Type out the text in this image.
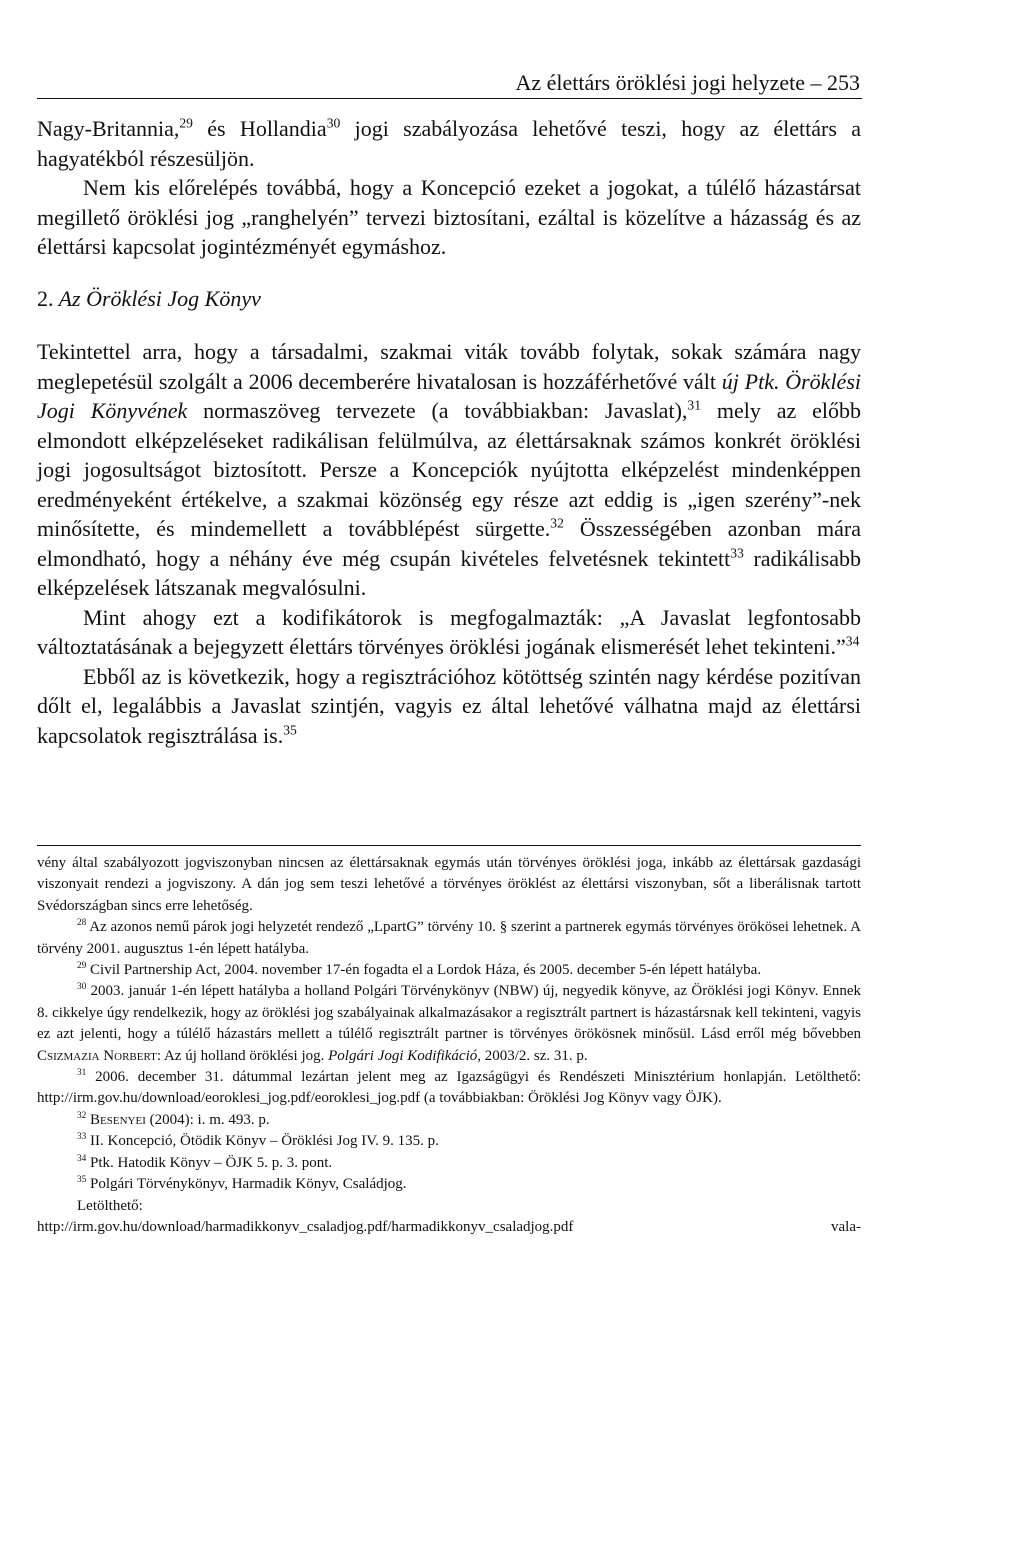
Az élettárs öröklési jogi helyzete – 253

Nagy-Britannia,$^{29}$ és Hollandia$^{30}$ jogi szabályozása lehetővé teszi, hogy az élettárs a hagyatékból részesüljön.

Nem kis előrelépés továbbá, hogy a Koncepció ezeket a jogokat, a túlélő házastársat megillető öröklési jog „ranghelyén” tervezi biztosítani, ezáltal is közelítve a házasság és az élettársi kapcsolat jogintézményét egymáshoz.

2. Az Öröklési Jog Könyv

Tekintettel arra, hogy a társadalmi, szakmai viták tovább folytak, sokak számára nagy meglepetésül szolgált a 2006 decemberére hivatalosan is hozzáférhetővé vált új Ptk. Öröklési Jogi Könyvének normaszöveg tervezete (a továbbiakban: Javaslat),$^{31}$ mely az előbb elmondott elképzeléseket radikálisan felülmúlva, az élettársaknak számos konkrét öröklési jogi jogosultságot biztosított. Persze a Koncepciók nyújtotta elképzelést mindenképpen eredményeként értékelve, a szakmai közönség egy része azt eddig is „igen szerény”-nek minősítette, és mindemellett a továbblépést sürgette.$^{32}$ Összességében azonban mára elmondható, hogy a néhány éve még csupán kivételes felvetésnek tekintett$^{33}$ radikálisabb elképzelések látszanak megvalósulni.

Mint ahogy ezt a kodifikátorok is megfogalmazták: „A Javaslat legfontosabb változtatásának a bejegyzett élettárs törvényes öröklési jogának elismerését lehet tekinteni.”$^{34}$

Ebből az is következik, hogy a regisztrációhoz kötöttség szintén nagy kérdése pozitívan dőlt el, legalábbis a Javaslat szintjén, vagyis ez által lehetővé válhatna majd az élettársi kapcsolatok regisztrálása is.$^{35}$

vény által szabályozott jogviszonyban nincsen az élettársaknak egymás után törvényes öröklési joga, inkább az élettársak gazdasági viszonyait rendezi a jogviszony. A dán jog sem teszi lehetővé a törvényes öröklést az élettársi viszonyban, sőt a liberálisnak tartott Svédországban sincs erre lehetőség.

$^{28}$ Az azonos nemű párok jogi helyzetét rendező „LpartG” törvény 10. § szerint a partnerek egymás törvényes örökösei lehetnek. A törvény 2001. augusztus 1-én lépett hatályba.

$^{29}$ Civil Partnership Act, 2004. november 17-én fogadta el a Lordok Háza, és 2005. december 5-én lépett hatályba.

$^{30}$ 2003. január 1-én lépett hatályba a holland Polgári Törvénykönyv (NBW) új, negyedik könyve, az Öröklési jogi Könyv. Ennek 8. cikkelye úgy rendelkezik, hogy az öröklési jog szabályainak alkalmazásakor a regisztrált partnert is házastársnak kell tekinteni, vagyis ez azt jelenti, hogy a túlélő házastárs mellett a túlélő regisztrált partner is törvényes örökösnek minősül. Lásd erről még bővebben Csizmazia Norbert: Az új holland öröklési jog. Polgári Jogi Kodifikáció, 2003/2. sz. 31. p.

$^{31}$ 2006. december 31. dátummal lezártan jelent meg az Igazságügyi és Rendészeti Minisztérium honlapján. Letölthető: http://irm.gov.hu/download/eoroklesi_jog.pdf/eoroklesi_jog.pdf (a továbbiakban: Öröklési Jog Könyv vagy ÖJK).

$^{32}$ Besenyei (2004): i. m. 493. p.

$^{33}$ II. Koncepció, Ötödik Könyv – Öröklési Jog IV. 9. 135. p.

$^{34}$ Ptk. Hatodik Könyv – ÖJK 5. p. 3. pont.

$^{35}$ Polgári Törvénykönyv, Harmadik Könyv, Családjog.

Letölthető:

http://irm.gov.hu/download/harmadikkonyv_csaladjog.pdf/harmadikkonyv_csaladjog.pdf	vala-
